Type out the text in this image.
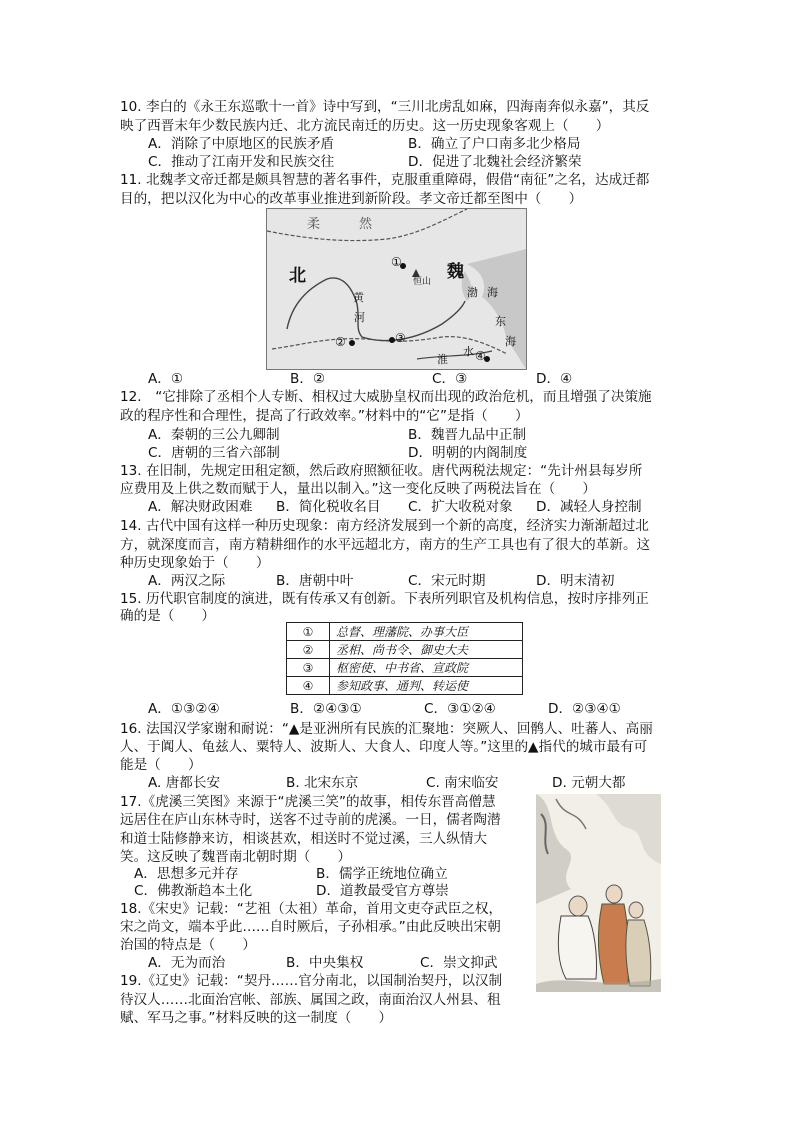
10. 李白的《永王东巡歌十一首》诗中写到，“三川北虏乱如麻，四海南奔似永嘉”，其反
映了西晋末年少数民族内迁、北方流民南迁的历史。这一历史现象客观上（　　）
A．消除了中原地区的民族矛盾	B．确立了户口南多北少格局
C．推动了江南开发和民族交往	D．促进了北魏社会经济繁荣
11. 北魏孝文帝迁都是颇具智慧的著名事件，克服重重障碍，假借“南征”之名，达成迁都
目的，把以汉化为中心的改革事业推进到新阶段。孝文帝迁都至图中（　　）
柔	然
北	魏
黄
河
恒山
渤 海
东
海
淮
水
①
②	③
④
A．①	B．②	C．③	D．④
12.　“它排除了丞相个人专断、相权过大威胁皇权而出现的政治危机，而且增强了决策施
政的程序性和合理性，提高了行政效率。”材料中的“它”是指（　　）
A．秦朝的三公九卿制	B．魏晋九品中正制
C．唐朝的三省六部制	D．明朝的内阁制度
13. 在旧制，先规定田租定额，然后政府照额征收。唐代两税法规定：“先计州县每岁所
应费用及上供之数而赋于人，量出以制入。”这一变化反映了两税法旨在（　　）
A．解决财政困难 B．简化税收名目 C．扩大收税对象 D．减轻人身控制
14. 古代中国有这样一种历史现象：南方经济发展到一个新的高度，经济实力渐渐超过北
方，就深度而言，南方精耕细作的水平远超北方，南方的生产工具也有了很大的革新。这
种历史现象始于（　　）
A．两汉之际	B．唐朝中叶	C．宋元时期	D．明末清初
15. 历代职官制度的演进，既有传承又有创新。下表所列职官及机构信息，按时序排列正
确的是（　　）
①	总督、理藩院、办事大臣
②	丞相、尚书令、御史大夫
③	枢密使、中书省、宣政院
④	参知政事、通判、转运使
A．①③②④	B．②④③①	C．③①②④	D．②③④①
16. 法国汉学家谢和耐说：“▲是亚洲所有民族的汇聚地：突厥人、回鹘人、吐蕃人、高丽
人、于阗人、龟兹人、粟特人、波斯人、大食人、印度人等。”这里的▲指代的城市最有可
能是（　　）
A. 唐都长安	B. 北宋东京	C. 南宋临安	D. 元朝大都
17.《虎溪三笑图》来源于“虎溪三笑”的故事，相传东晋高僧慧
远居住在庐山东林寺时，送客不过寺前的虎溪。一日，儒者陶潜
和道士陆修静来访，相谈甚欢，相送时不觉过溪，三人纵情大
笑。这反映了魏晋南北朝时期（　　）
A．思想多元并存	B．儒学正统地位确立
C．佛教渐趋本土化	D．道教最受官方尊崇
18.《宋史》记载：“艺祖（太祖）革命，首用文吏夺武臣之权，
宋之尚文，端本乎此……自时厥后，子孙相承。”由此反映出宋朝
治国的特点是（　　）
A．无为而治	B．中央集权	C．崇文抑武
19.《辽史》记载：“契丹……官分南北，以国制治契丹，以汉制
待汉人……北面治宫帐、部族、属国之政，南面治汉人州县、租
赋、军马之事。”材料反映的这一制度（　　）
